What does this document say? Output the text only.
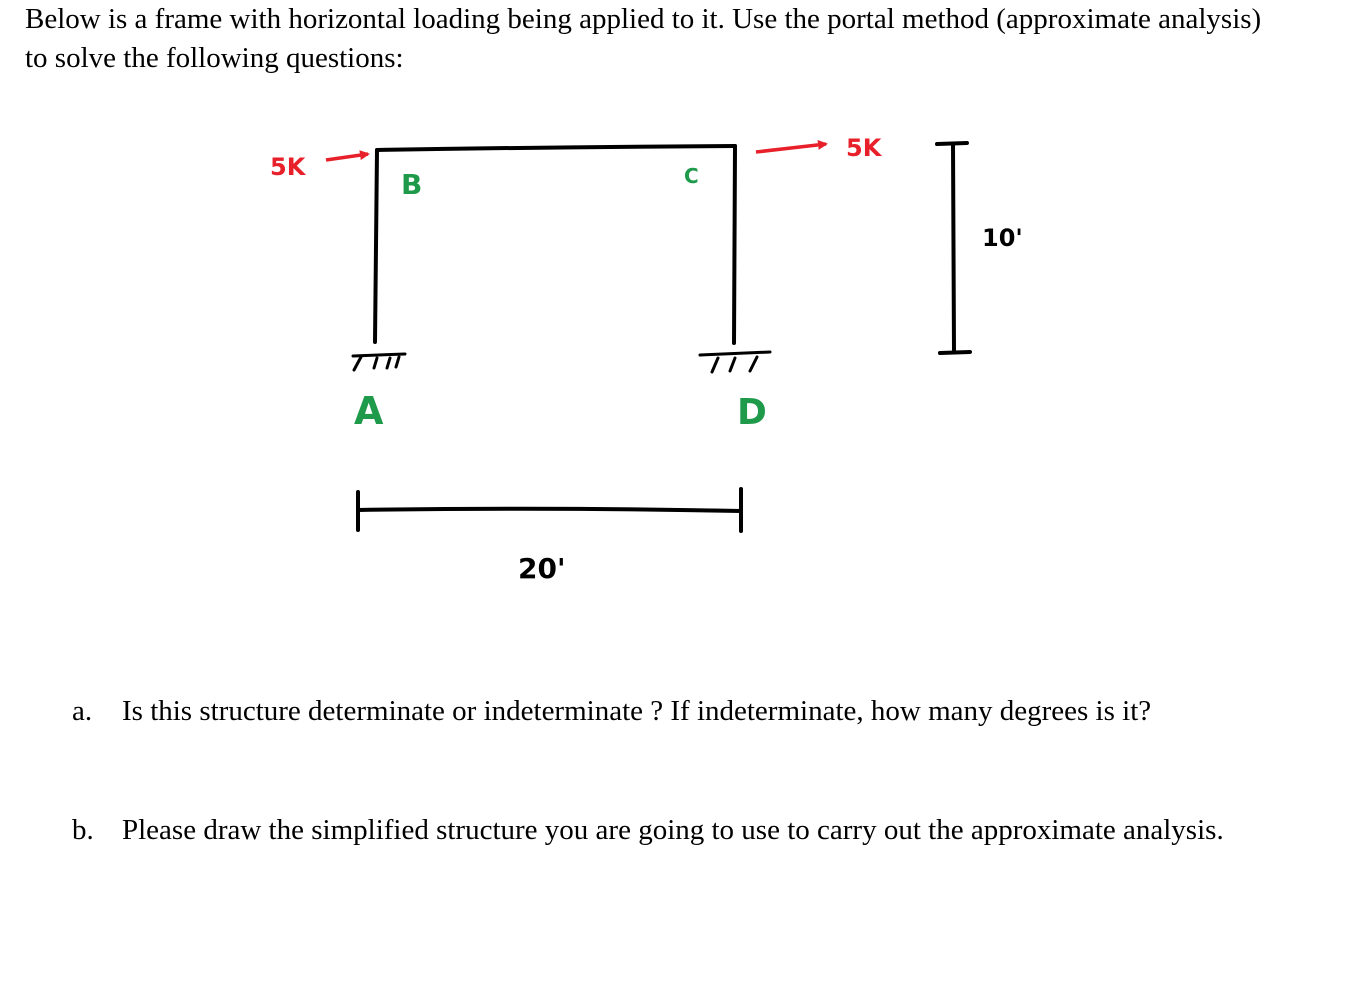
Below is a frame with horizontal loading being applied to it. Use the portal method (approximate analysis) to solve the following questions:

5K
5K
B	C
A	D
10'
20'
a. Is this structure determinate or indeterminate ? If indeterminate, how many degrees is it?
b. Please draw the simplified structure you are going to use to carry out the approximate analysis.
